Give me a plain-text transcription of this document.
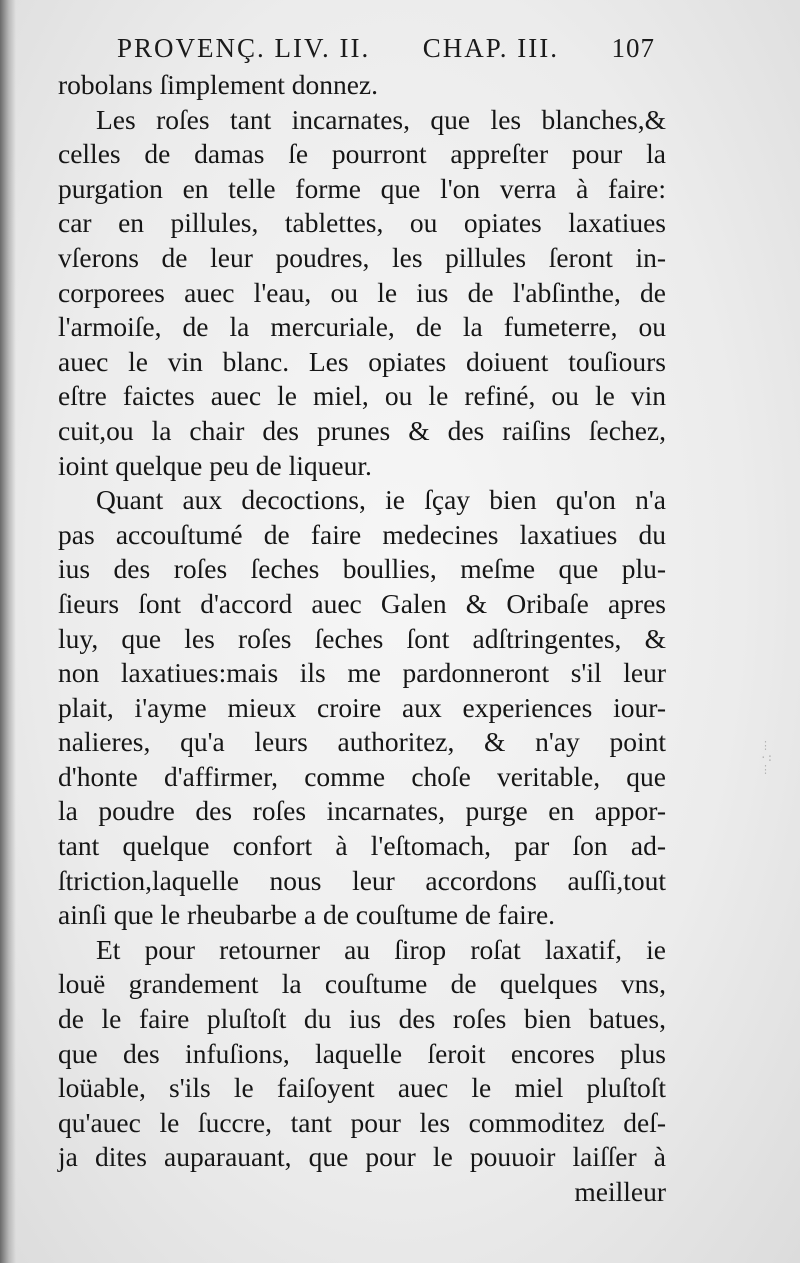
PROVENÇ. LIV. II. CHAP. III. 107
robolans ſimplement donnez.
Les roſes tant incarnates, que les blanches,&
celles de damas ſe pourront appreſter pour la
purgation en telle forme que l'on verra à faire:
car en pillules, tablettes, ou opiates laxatiues
vſerons de leur poudres, les pillules ſeront in-
corporees auec l'eau, ou le ius de l'abſinthe, de
l'armoiſe, de la mercuriale, de la fumeterre, ou
auec le vin blanc. Les opiates doiuent touſiours
eſtre faictes auec le miel, ou le refiné, ou le vin
cuit,ou la chair des prunes & des raiſins ſechez,
ioint quelque peu de liqueur.
Quant aux decoctions, ie ſçay bien qu'on n'a
pas accouſtumé de faire medecines laxatiues du
ius des roſes ſeches boullies, meſme que plu-
ſieurs ſont d'accord auec Galen & Oribaſe apres
luy, que les roſes ſeches ſont adſtringentes, &
non laxatiues:mais ils me pardonneront s'il leur
plait, i'ayme mieux croire aux experiences iour-
nalieres, qu'a leurs authoritez, & n'ay point
d'honte d'affirmer, comme choſe veritable, que
la poudre des roſes incarnates, purge en appor-
tant quelque confort à l'eſtomach, par ſon ad-
ſtriction,laquelle nous leur accordons auſſi,tout
ainſi que le rheubarbe a de couſtume de faire.
Et pour retourner au ſirop roſat laxatif, ie
louë grandement la couſtume de quelques vns,
de le faire pluſtoſt du ius des roſes bien batues,
que des infuſions, laquelle ſeroit encores plus
loüable, s'ils le faiſoyent auec le miel pluſtoſt
qu'auec le ſuccre, tant pour les commoditez deſ-
ja dites auparauant, que pour le pouuoir laiſſer à
meilleur
⋮
·:
⋮
